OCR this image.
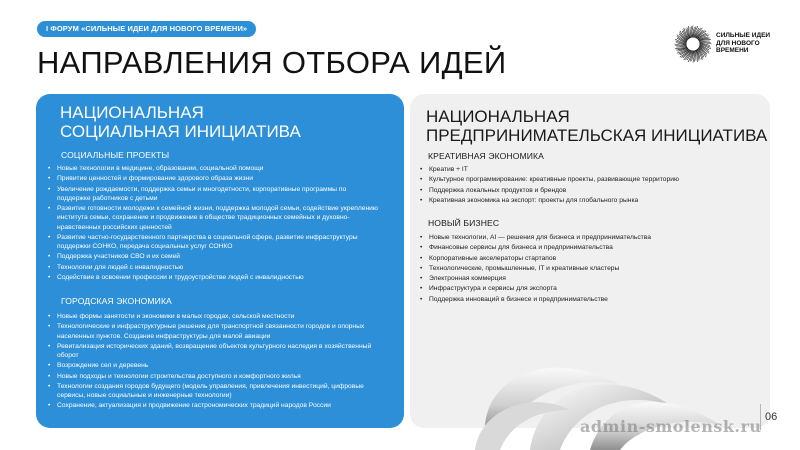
I ФОРУМ «СИЛЬНЫЕ ИДЕИ ДЛЯ НОВОГО ВРЕМЕНИ»
НАПРАВЛЕНИЯ ОТБОРА ИДЕЙ
СИЛЬНЫЕ ИДЕИ
ДЛЯ НОВОГО
ВРЕМЕНИ
НАЦИОНАЛЬНАЯ
СОЦИАЛЬНАЯ ИНИЦИАТИВА
СОЦИАЛЬНЫЕ ПРОЕКТЫ
• Новые технологии в медицине, образовании, социальной помощи
• Привитие ценностей и формирование здорового образа жизни
• Увеличение рождаемости, поддержка семьи и многодетности, корпоративные программы по поддержке работников с детьми
• Развитие готовности молодежи к семейной жизни, поддержка молодой семьи, содействие укреплению института семьи, сохранение и продвижение в обществе традиционных семейных и духовно-нравственных российских ценностей
• Развитие частно-государственного партнерства в социальной сфере, развитие инфраструктуры поддержки СОНКО, передача социальных услуг СОНКО
• Поддержка участников СВО и их семей
• Технологии для людей с инвалидностью
• Содействие в освоении профессии и трудоустройстве людей с инвалидностью
ГОРОДСКАЯ ЭКОНОМИКА
• Новые формы занятости и экономики в малых городах, сельской местности
• Технологические и инфраструктурные решения для транспортной связанности городов и опорных населенных пунктов. Создание инфраструктуры для малой авиации
• Ревитализация исторических зданий, возвращение объектов культурного наследия в хозяйственный оборот
• Возрождение сел и деревень
• Новые подходы и технологии строительства доступного и комфортного жилья
• Технологии создания городов будущего (модель управления, привлечения инвестиций, цифровые сервисы, новые социальные и инженерные технологии)
• Сохранение, актуализация и продвижение гастрономических традиций народов России
НАЦИОНАЛЬНАЯ
ПРЕДПРИНИМАТЕЛЬСКАЯ ИНИЦИАТИВА
КРЕАТИВНАЯ ЭКОНОМИКА
• Креатив + IT
• Культурное программирование: креативные проекты, развивающие территорию
• Поддержка локальных продуктов и брендов
• Креативная экономика на экспорт: проекты для глобального рынка
НОВЫЙ БИЗНЕС
• Новые технологии, AI — решения для бизнеса и предпринимательства
• Финансовые сервисы для бизнеса и предпринимательства
• Корпоративные акселераторы стартапов
• Технологические, промышленные, IT и креативные кластеры
• Электронная коммерция
• Инфраструктура и сервисы для экспорта
• Поддержка инноваций в бизнесе и предпринимательстве
06
admin-smolensk.ru
